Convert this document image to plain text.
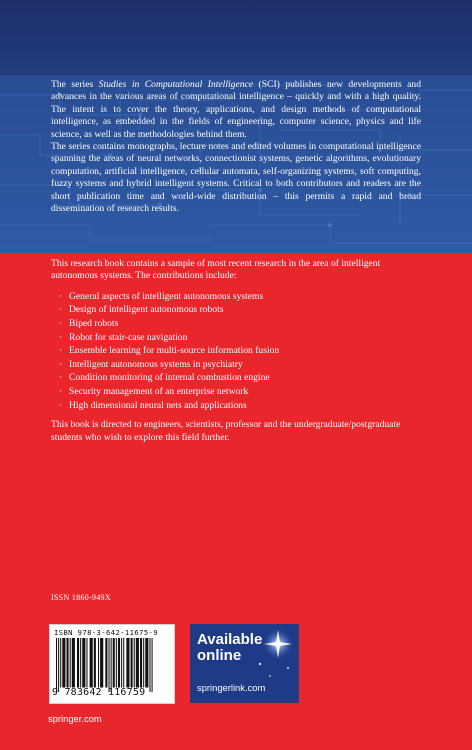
The series Studies in Computational Intelligence (SCI) publishes new developments and advances in the various areas of computational intelligence – quickly and with a high quality. The intent is to cover the theory, applications, and design methods of computational intelligence, as embedded in the fields of engineering, computer science, physics and life science, as well as the methodologies behind them.

The series contains monographs, lecture notes and edited volumes in computational intelligence spanning the areas of neural networks, connectionist systems, genetic algorithms, evolutionary computation, artificial intelligence, cellular automata, self-organizing systems, soft computing, fuzzy systems and hybrid intelligent systems. Critical to both contributors and readers are the short publication time and world-wide distribution – this permits a rapid and broad dissemination of research results.

This research book contains a sample of most recent research in the area of intelligent autonomous systems. The contributions include:

· General aspects of intelligent autonomous systems
· Design of intelligent autonomous robots
· Biped robots
· Robot for stair-case navigation
· Ensemble learning for multi-source information fusion
· Intelligent autonomous systems in psychiatry
· Condition monitoring of internal combustion engine
· Security management of an enterprise network
· High dimensional neural nets and applications

This book is directed to engineers, scientists, professor and the undergraduate/postgraduate students who wish to explore this field further.

ISSN 1860-949X
ISBN 978-3-642-11675-9
9 783642 116759

Available
online

springerlink.com

springer.com
